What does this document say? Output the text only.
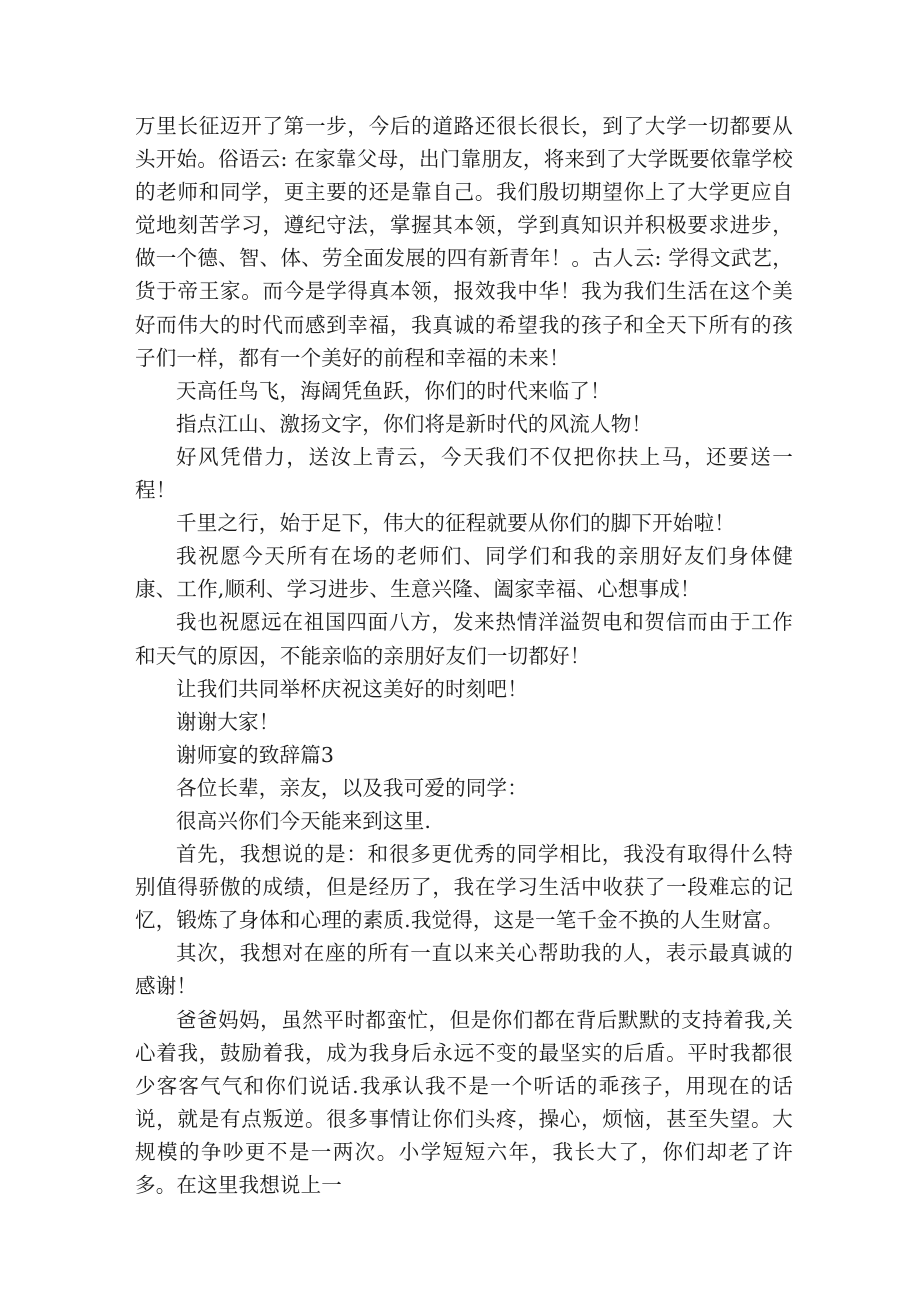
万里长征迈开了第一步，今后的道路还很长很长，到了大学一切都要从头开始。俗语云: 在家靠父母，出门靠朋友，将来到了大学既要依靠学校的老师和同学，更主要的还是靠自己。我们殷切期望你上了大学更应自觉地刻苦学习，遵纪守法，掌握其本领，学到真知识并积极要求进步，做一个德、智、体、劳全面发展的四有新青年！。古人云: 学得文武艺，货于帝王家。而今是学得真本领，报效我中华！我为我们生活在这个美好而伟大的时代而感到幸福，我真诚的希望我的孩子和全天下所有的孩子们一样，都有一个美好的前程和幸福的未来！

天高任鸟飞，海阔凭鱼跃，你们的时代来临了！

指点江山、激扬文字，你们将是新时代的风流人物！

好风凭借力，送汝上青云，今天我们不仅把你扶上马，还要送一程！

千里之行，始于足下，伟大的征程就要从你们的脚下开始啦！

我祝愿今天所有在场的老师们、同学们和我的亲朋好友们身体健康、工作,顺利、学习进步、生意兴隆、阖家幸福、心想事成！

我也祝愿远在祖国四面八方，发来热情洋溢贺电和贺信而由于工作和天气的原因，不能亲临的亲朋好友们一切都好！

让我们共同举杯庆祝这美好的时刻吧！

谢谢大家！

谢师宴的致辞篇3

各位长辈，亲友，以及我可爱的同学：

很高兴你们今天能来到这里.

首先，我想说的是：和很多更优秀的同学相比，我没有取得什么特别值得骄傲的成绩，但是经历了，我在学习生活中收获了一段难忘的记忆，锻炼了身体和心理的素质.我觉得，这是一笔千金不换的人生财富。

其次，我想对在座的所有一直以来关心帮助我的人，表示最真诚的感谢！

爸爸妈妈，虽然平时都蛮忙，但是你们都在背后默默的支持着我,关心着我，鼓励着我，成为我身后永远不变的最坚实的后盾。平时我都很少客客气气和你们说话.我承认我不是一个听话的乖孩子，用现在的话说，就是有点叛逆。很多事情让你们头疼，操心，烦恼，甚至失望。大规模的争吵更不是一两次。小学短短六年，我长大了，你们却老了许多。在这里我想说上一
